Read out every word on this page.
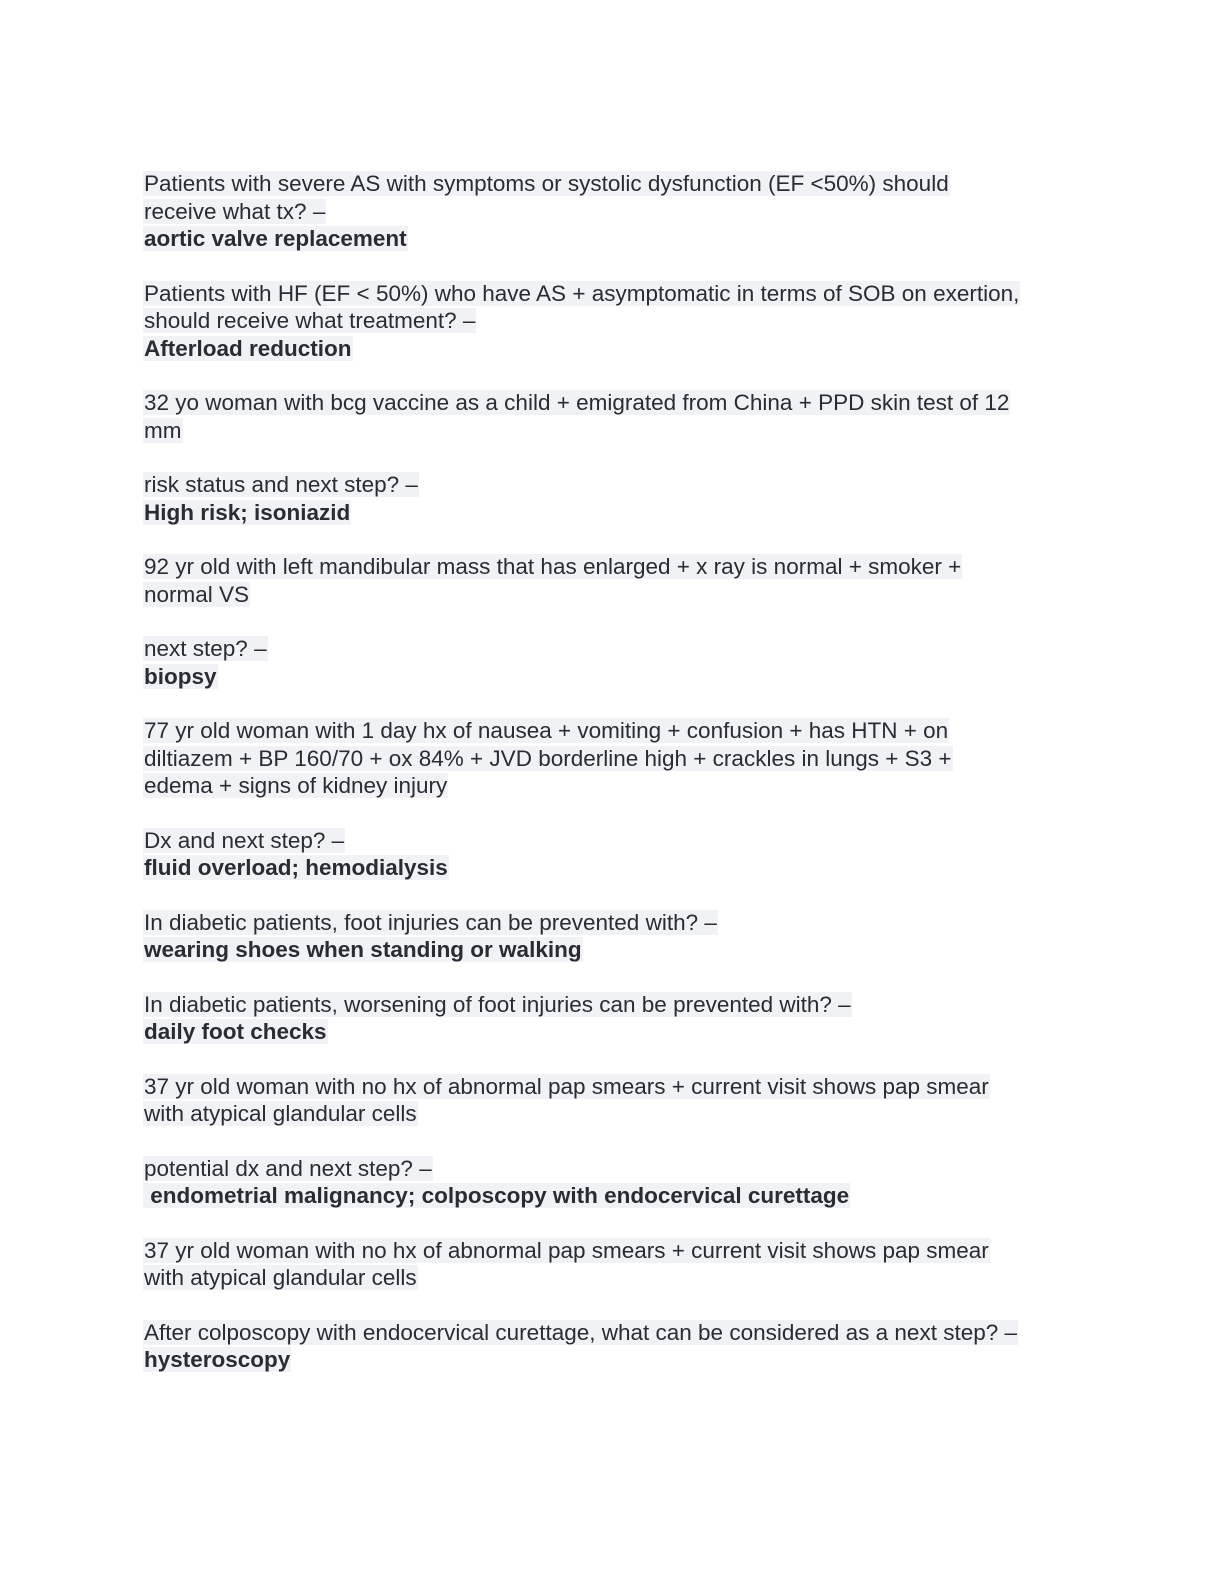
Patients with severe AS with symptoms or systolic dysfunction (EF <50%) should
receive what tx? –
aortic valve replacement
Patients with HF (EF < 50%) who have AS + asymptomatic in terms of SOB on exertion,
should receive what treatment? –
Afterload reduction
32 yo woman with bcg vaccine as a child + emigrated from China + PPD skin test of 12
mm
risk status and next step? –
High risk; isoniazid
92 yr old with left mandibular mass that has enlarged + x ray is normal + smoker +
normal VS
next step? –
biopsy
77 yr old woman with 1 day hx of nausea + vomiting + confusion + has HTN + on
diltiazem + BP 160/70 + ox 84% + JVD borderline high + crackles in lungs + S3 +
edema + signs of kidney injury
Dx and next step? –
fluid overload; hemodialysis
In diabetic patients, foot injuries can be prevented with? –
wearing shoes when standing or walking
In diabetic patients, worsening of foot injuries can be prevented with? –
daily foot checks
37 yr old woman with no hx of abnormal pap smears + current visit shows pap smear
with atypical glandular cells
potential dx and next step? –
endometrial malignancy; colposcopy with endocervical curettage
37 yr old woman with no hx of abnormal pap smears + current visit shows pap smear
with atypical glandular cells
After colposcopy with endocervical curettage, what can be considered as a next step? –
hysteroscopy
